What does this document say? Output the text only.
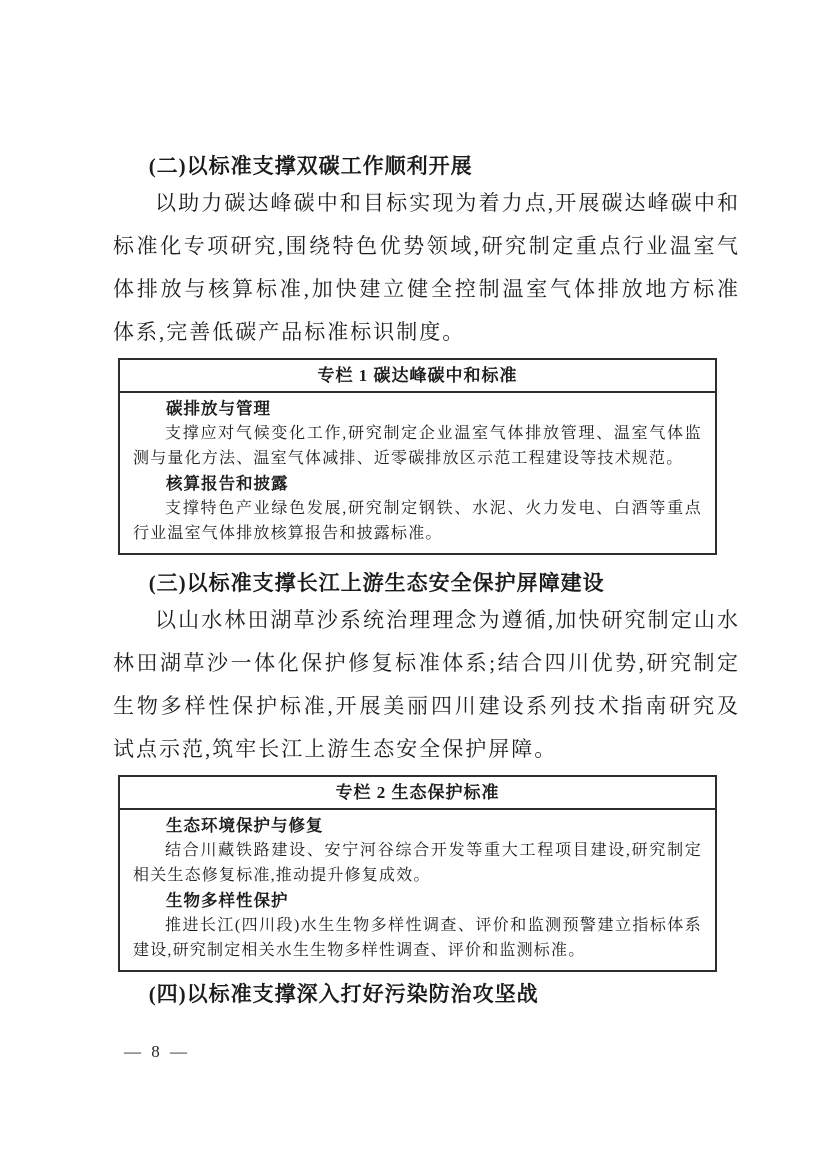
(二)以标准支撑双碳工作顺利开展

以助力碳达峰碳中和目标实现为着力点,开展碳达峰碳中和标准化专项研究,围绕特色优势领域,研究制定重点行业温室气体排放与核算标准,加快建立健全控制温室气体排放地方标准体系,完善低碳产品标准标识制度。

专栏 1 碳达峰碳中和标准
碳排放与管理

支撑应对气候变化工作,研究制定企业温室气体排放管理、温室气体监测与量化方法、温室气体减排、近零碳排放区示范工程建设等技术规范。

核算报告和披露

支撑特色产业绿色发展,研究制定钢铁、水泥、火力发电、白酒等重点行业温室气体排放核算报告和披露标准。

(三)以标准支撑长江上游生态安全保护屏障建设

以山水林田湖草沙系统治理理念为遵循,加快研究制定山水林田湖草沙一体化保护修复标准体系;结合四川优势,研究制定生物多样性保护标准,开展美丽四川建设系列技术指南研究及试点示范,筑牢长江上游生态安全保护屏障。

专栏 2 生态保护标准
生态环境保护与修复

结合川藏铁路建设、安宁河谷综合开发等重大工程项目建设,研究制定相关生态修复标准,推动提升修复成效。

生物多样性保护

推进长江(四川段)水生生物多样性调查、评价和监测预警建立指标体系建设,研究制定相关水生生物多样性调查、评价和监测标准。

(四)以标准支撑深入打好污染防治攻坚战
— 8 —
